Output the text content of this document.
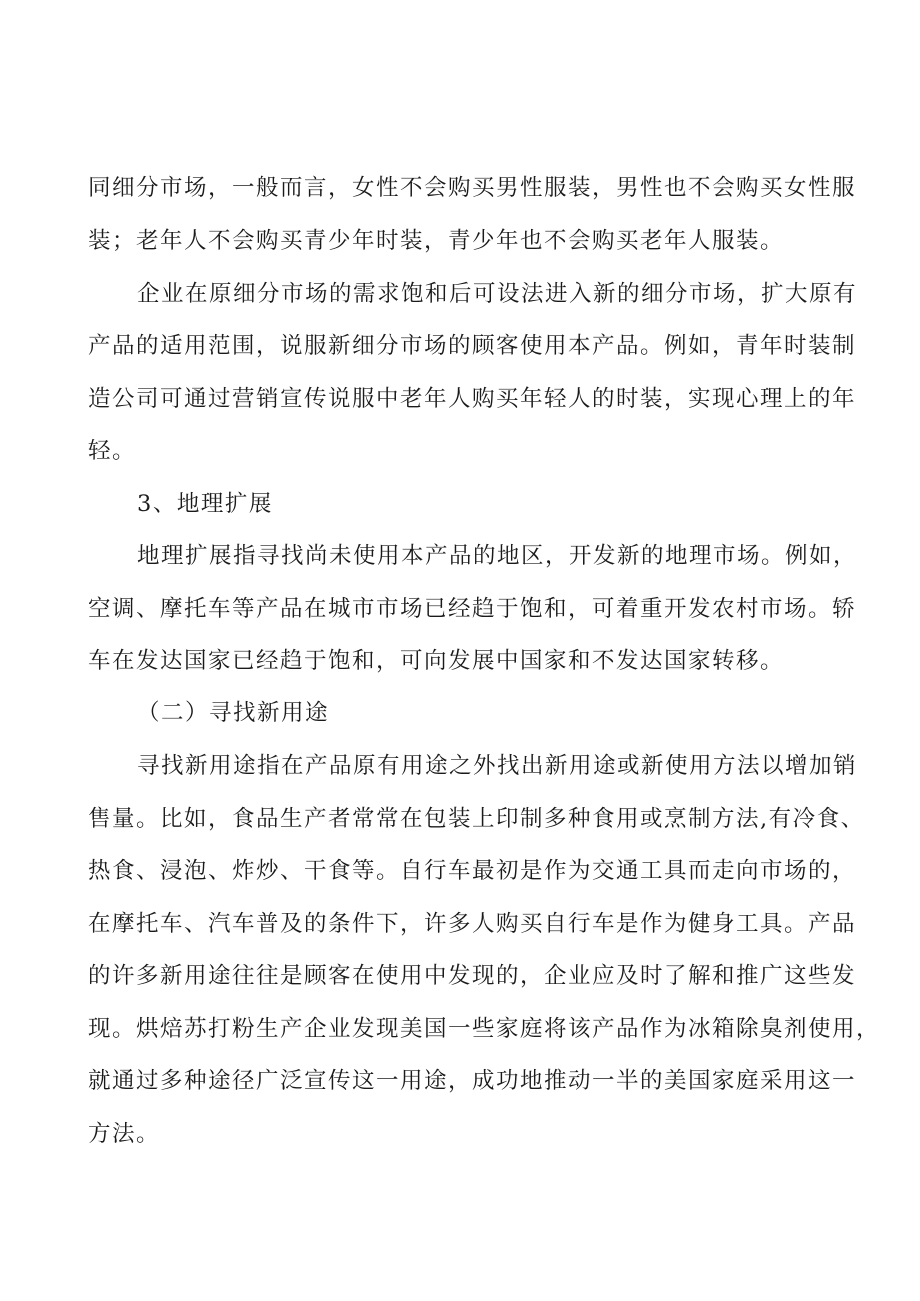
同细分市场，一般而言，女性不会购买男性服装，男性也不会购买女性服
装；老年人不会购买青少年时装，青少年也不会购买老年人服装。
企业在原细分市场的需求饱和后可设法进入新的细分市场，扩大原有
产品的适用范围，说服新细分市场的顾客使用本产品。例如，青年时装制
造公司可通过营销宣传说服中老年人购买年轻人的时装，实现心理上的年
轻。
3、地理扩展
地理扩展指寻找尚未使用本产品的地区，开发新的地理市场。例如，
空调、摩托车等产品在城市市场已经趋于饱和，可着重开发农村市场。轿
车在发达国家已经趋于饱和，可向发展中国家和不发达国家转移。
（二）寻找新用途
寻找新用途指在产品原有用途之外找出新用途或新使用方法以增加销
售量。比如，食品生产者常常在包装上印制多种食用或烹制方法,有冷食、
热食、浸泡、炸炒、干食等。自行车最初是作为交通工具而走向市场的，
在摩托车、汽车普及的条件下，许多人购买自行车是作为健身工具。产品
的许多新用途往往是顾客在使用中发现的，企业应及时了解和推广这些发
现。烘焙苏打粉生产企业发现美国一些家庭将该产品作为冰箱除臭剂使用，
就通过多种途径广泛宣传这一用途，成功地推动一半的美国家庭采用这一
方法。
